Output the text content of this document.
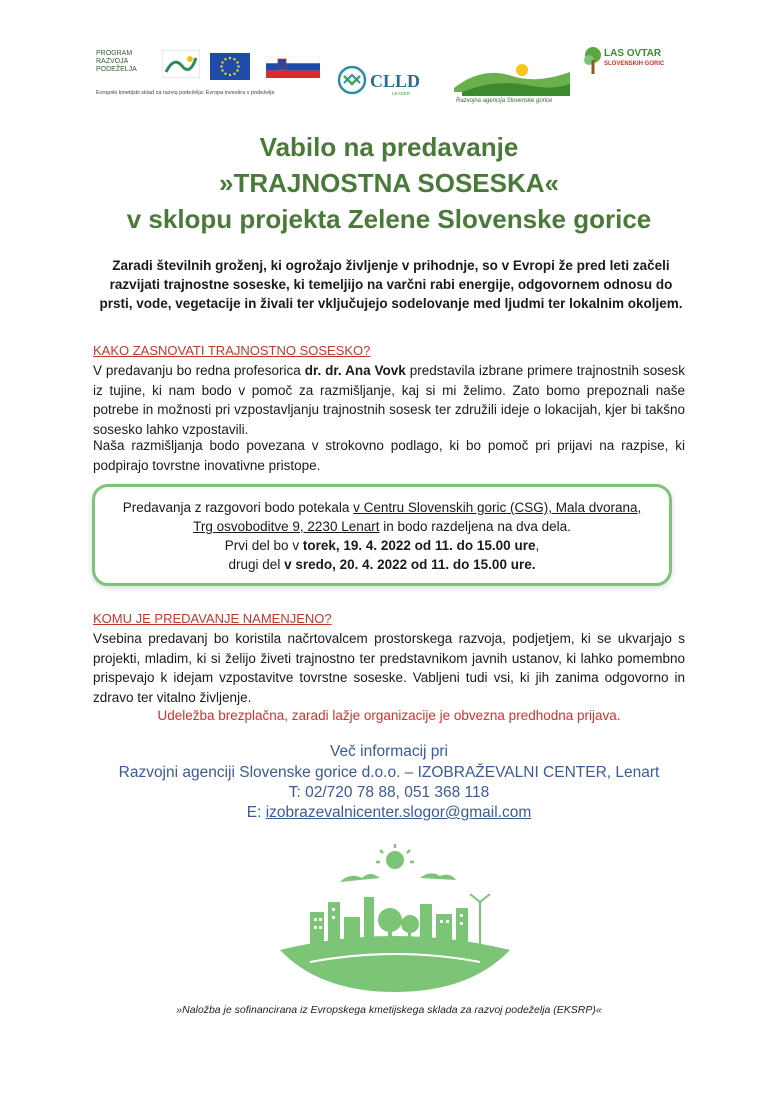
PROGRAM
RAZVOJA
PODEŽELJA
Evropski kmetijski sklad za razvoj podeželja: Evropa investira v podeželje
CLLD
LEADER
Razvojna agencija Slovenske gorice
LAS OVTAR
SLOVENSKIH GORIC
Vabilo na predavanje
»TRAJNOSTNA SOSESKA«
v sklopu projekta Zelene Slovenske gorice
Zaradi številnih groženj, ki ogrožajo življenje v prihodnje, so v Evropi že pred leti začeli razvijati trajnostne soseske, ki temeljijo na varčni rabi energije, odgovornem odnosu do prsti, vode, vegetacije in živali ter vključujejo sodelovanje med ljudmi ter lokalnim okoljem.
KAKO ZASNOVATI TRAJNOSTNO SOSESKO?
V predavanju bo redna profesorica dr. dr. Ana Vovk predstavila izbrane primere trajnostnih sosesk iz tujine, ki nam bodo v pomoč za razmišljanje, kaj si mi želimo. Zato bomo prepoznali naše potrebe in možnosti pri vzpostavljanju trajnostnih sosesk ter združili ideje o lokacijah, kjer bi takšno sosesko lahko vzpostavili.
Naša razmišljanja bodo povezana v strokovno podlago, ki bo pomoč pri prijavi na razpise, ki podpirajo tovrstne inovativne pristope.
Predavanja z razgovori bodo potekala v Centru Slovenskih goric (CSG), Mala dvorana,
Trg osvoboditve 9, 2230 Lenart in bodo razdeljena na dva dela.
Prvi del bo v torek, 19. 4. 2022 od 11. do 15.00 ure,
drugi del v sredo, 20. 4. 2022 od 11. do 15.00 ure.
KOMU JE PREDAVANJE NAMENJENO?
Vsebina predavanj bo koristila načrtovalcem prostorskega razvoja, podjetjem, ki se ukvarjajo s projekti, mladim, ki si želijo živeti trajnostno ter predstavnikom javnih ustanov, ki lahko pomembno prispevajo k idejam vzpostavitve tovrstne soseske. Vabljeni tudi vsi, ki jih zanima odgovorno in zdravo ter vitalno življenje.
Udeležba brezplačna, zaradi lažje organizacije je obvezna predhodna prijava.
Več informacij pri
Razvojni agenciji Slovenske gorice d.o.o. – IZOBRAŽEVALNI CENTER, Lenart
T: 02/720 78 88, 051 368 118
E: izobrazevalnicenter.slogor@gmail.com
»Naložba je sofinancirana iz Evropskega kmetijskega sklada za razvoj podeželja (EKSRP)«
